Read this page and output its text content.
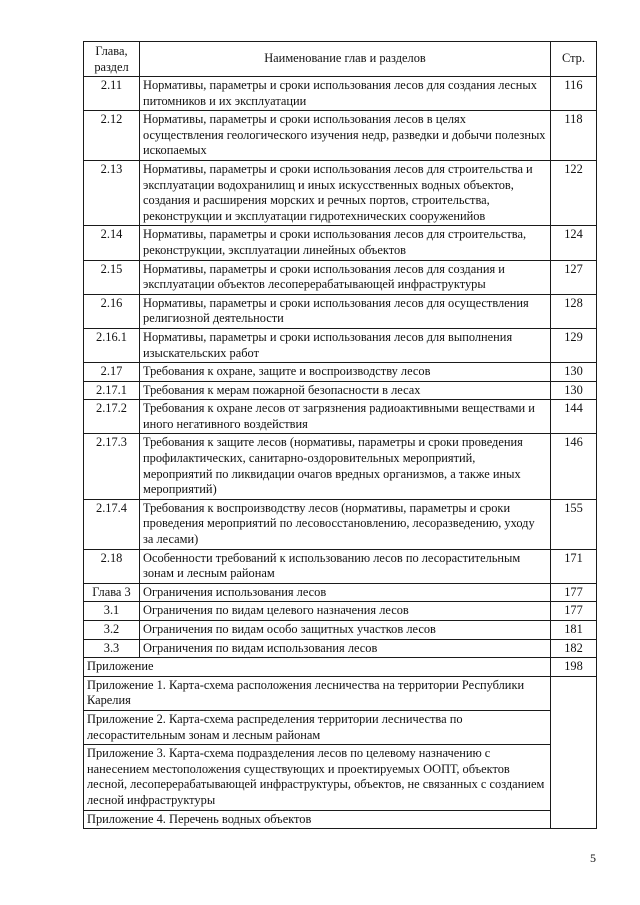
Глава, раздел	Наименование глав и разделов	Стр.
2.11	Нормативы, параметры и сроки использования лесов для создания лесных питомников и их эксплуатации	116
2.12	Нормативы, параметры и сроки использования лесов в целях осуществления геологического изучения недр, разведки и добычи полезных ископаемых	118
2.13	Нормативы, параметры и сроки использования лесов для строительства и эксплуатации водохранилищ и иных искусственных водных объектов, создания и расширения морских и речных портов, строительства, реконструкции и эксплуатации гидротехнических сооруженийов	122
2.14	Нормативы, параметры и сроки использования лесов для строительства, реконструкции, эксплуатации линейных объектов	124
2.15	Нормативы, параметры и сроки использования лесов для создания и эксплуатации объектов лесоперерабатывающей инфраструктуры	127
2.16	Нормативы, параметры и сроки использования лесов для осуществления религиозной деятельности	128
2.16.1	Нормативы, параметры и сроки использования лесов для выполнения изыскательских работ	129
2.17	Требования к охране, защите и воспроизводству лесов	130
2.17.1	Требования к мерам пожарной безопасности в лесах	130
2.17.2	Требования к охране лесов от загрязнения радиоактивными веществами и иного негативного воздействия	144
2.17.3	Требования к защите лесов (нормативы, параметры и сроки проведения профилактических, санитарно-оздоровительных мероприятий, мероприятий по ликвидации очагов вредных организмов, а также иных мероприятий)	146
2.17.4	Требования к воспроизводству лесов (нормативы, параметры и сроки проведения мероприятий по лесовосстановлению, лесоразведению, уходу за лесами)	155
2.18	Особенности требований к использованию лесов по лесорастительным зонам и лесным районам	171
Глава 3	Ограничения использования лесов	177
3.1	Ограничения по видам целевого назначения лесов	177
3.2	Ограничения по видам особо защитных участков лесов	181
3.3	Ограничения по видам использования лесов	182
Приложение		198
Приложение 1. Карта-схема расположения лесничества на территории Республики Карелия		
Приложение 2. Карта-схема распределения территории лесничества по лесорастительным зонам и лесным районам		
Приложение 3. Карта-схема подразделения лесов по целевому назначению с нанесением местоположения существующих и проектируемых ООПТ, объектов лесной, лесоперерабатывающей инфраструктуры, объектов, не связанных с созданием лесной инфраструктуры		
Приложение 4. Перечень водных объектов		
5
